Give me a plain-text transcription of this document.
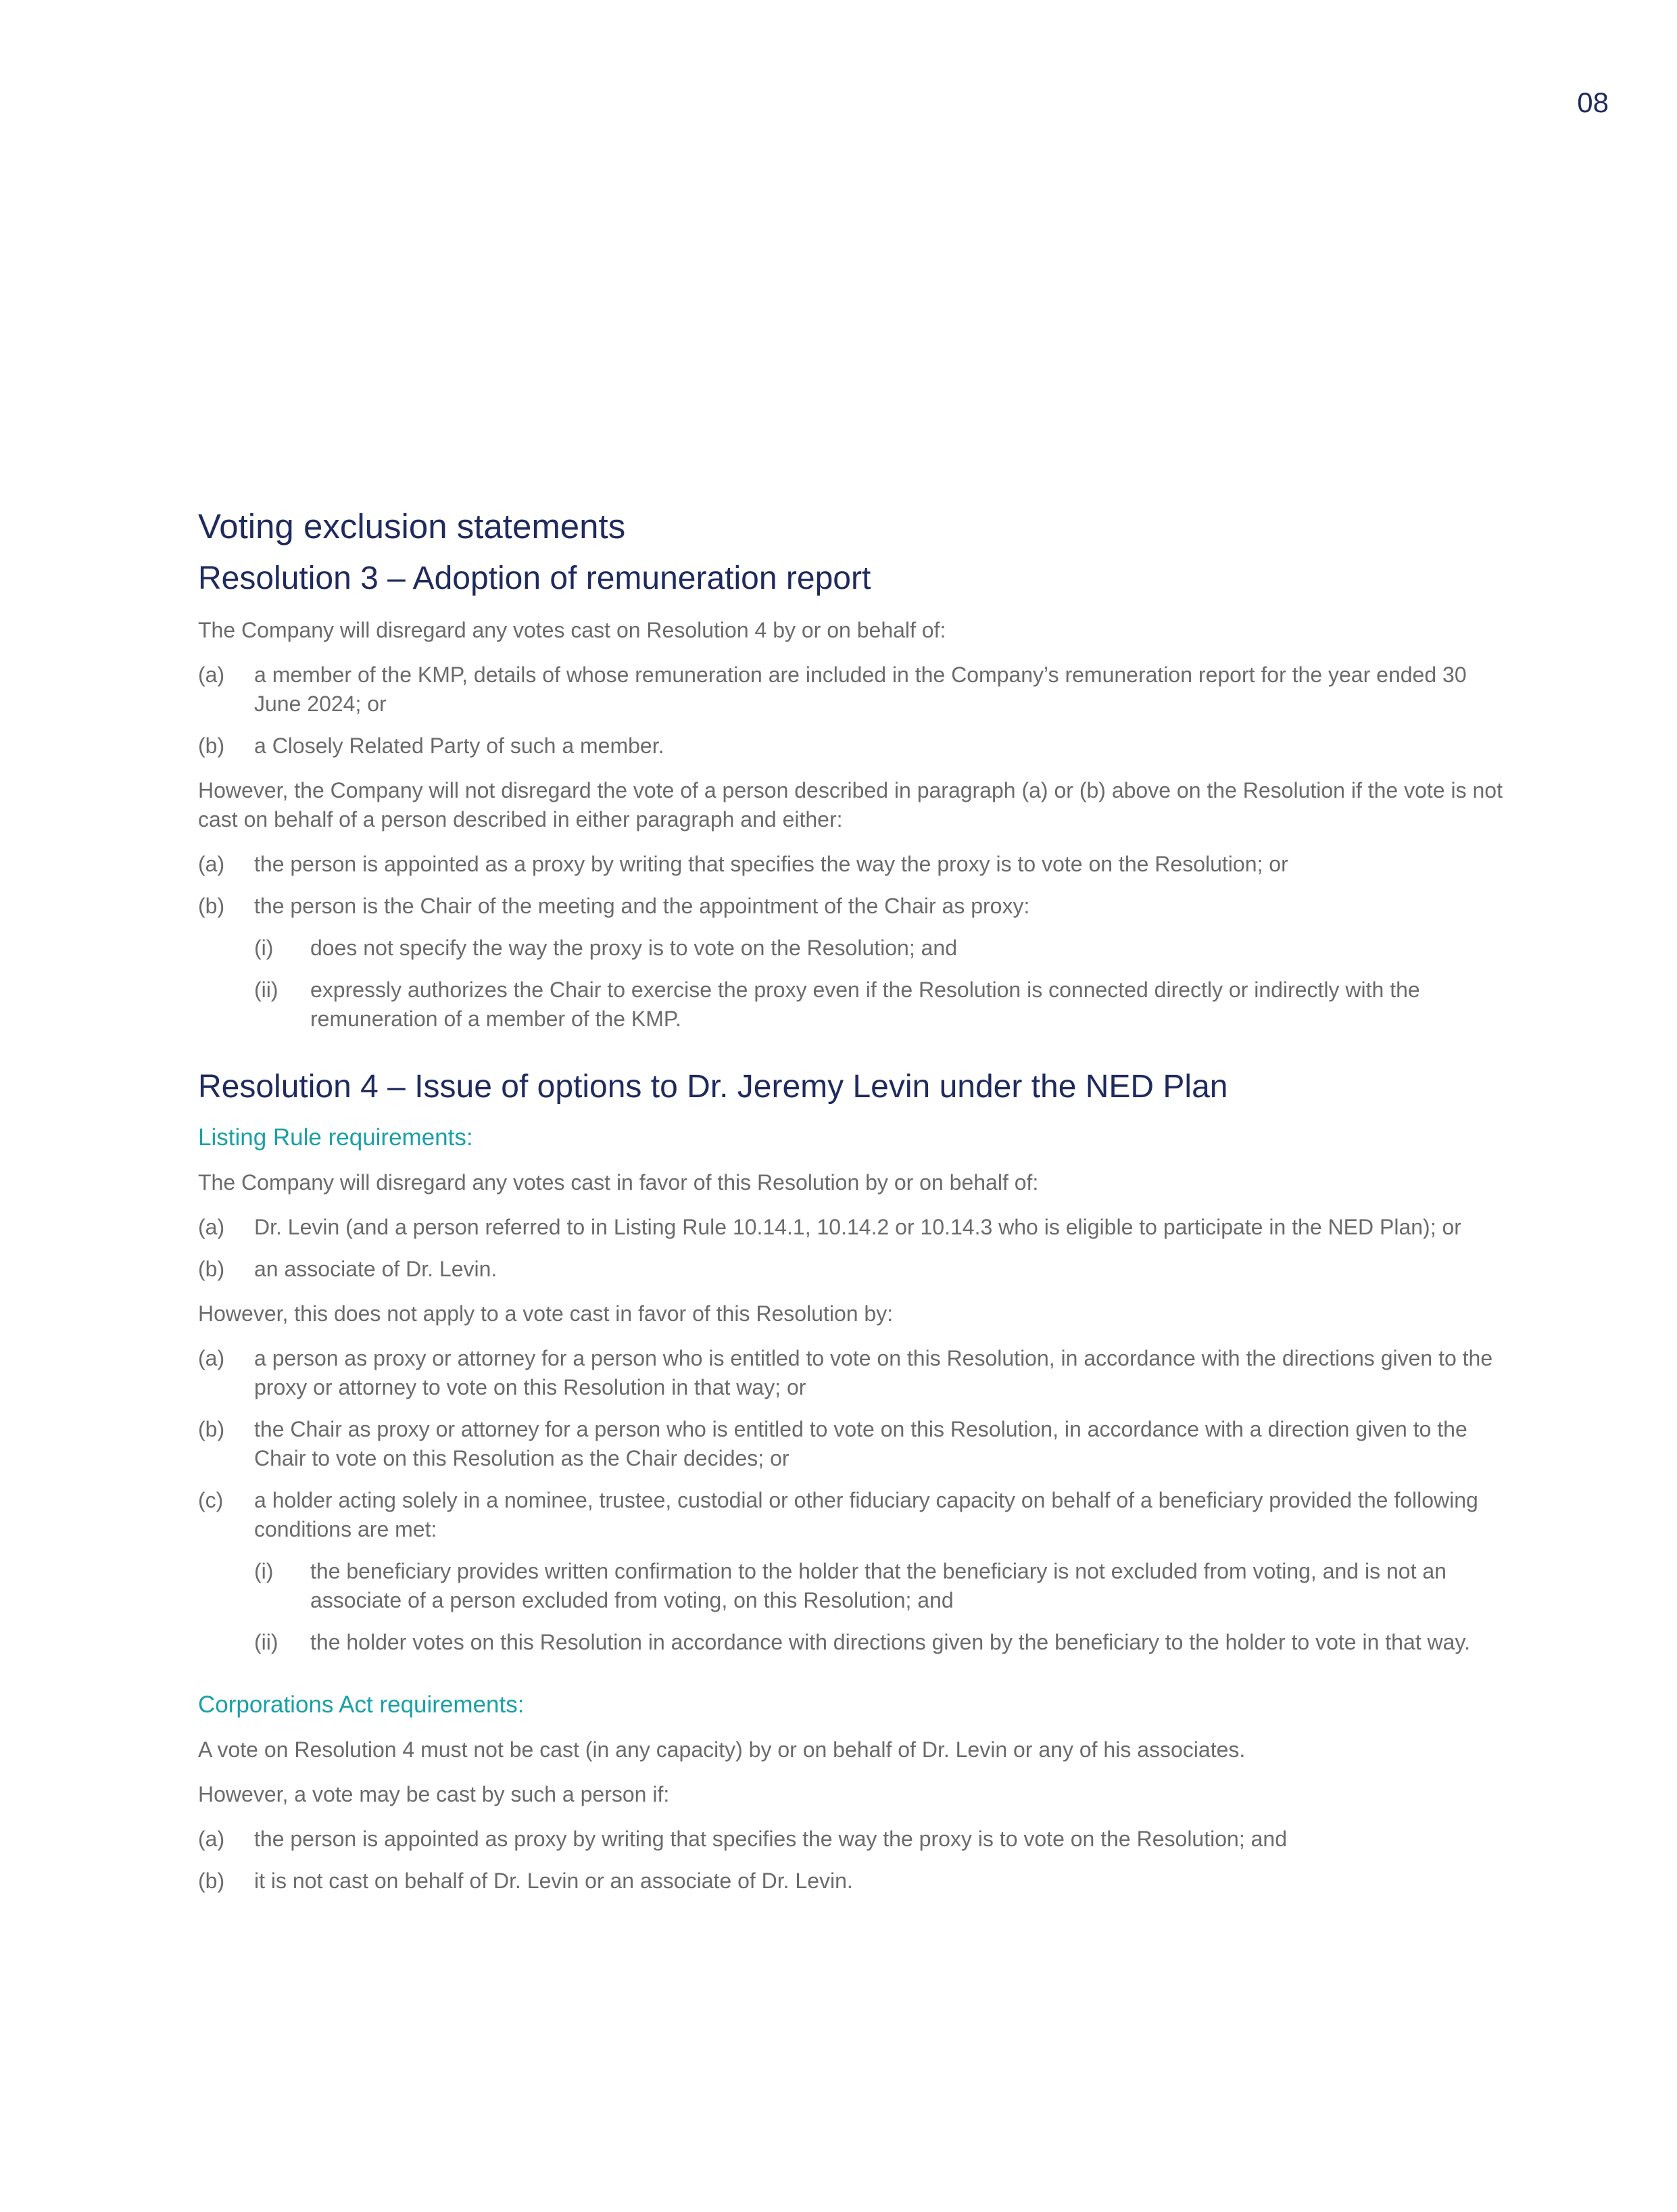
08
Voting exclusion statements
Resolution 3 – Adoption of remuneration report
The Company will disregard any votes cast on Resolution 4 by or on behalf of:
(a)	a member of the KMP, details of whose remuneration are included in the Company’s remuneration report for the year ended 30 June 2024; or
(b)	a Closely Related Party of such a member.
However, the Company will not disregard the vote of a person described in paragraph (a) or (b) above on the Resolution if the vote is not cast on behalf of a person described in either paragraph and either:
(a)	the person is appointed as a proxy by writing that specifies the way the proxy is to vote on the Resolution; or
(b)	the person is the Chair of the meeting and the appointment of the Chair as proxy:
(i)	does not specify the way the proxy is to vote on the Resolution; and
(ii)	expressly authorizes the Chair to exercise the proxy even if the Resolution is connected directly or indirectly with the remuneration of a member of the KMP.
Resolution 4 – Issue of options to Dr. Jeremy Levin under the NED Plan
Listing Rule requirements:
The Company will disregard any votes cast in favor of this Resolution by or on behalf of:
(a)	Dr. Levin (and a person referred to in Listing Rule 10.14.1, 10.14.2 or 10.14.3 who is eligible to participate in the NED Plan); or
(b)	an associate of Dr. Levin.
However, this does not apply to a vote cast in favor of this Resolution by:
(a)	a person as proxy or attorney for a person who is entitled to vote on this Resolution, in accordance with the directions given to the proxy or attorney to vote on this Resolution in that way; or
(b)	the Chair as proxy or attorney for a person who is entitled to vote on this Resolution, in accordance with a direction given to the Chair to vote on this Resolution as the Chair decides; or
(c)	a holder acting solely in a nominee, trustee, custodial or other fiduciary capacity on behalf of a beneficiary provided the following conditions are met:
(i)	the beneficiary provides written confirmation to the holder that the beneficiary is not excluded from voting, and is not an associate of a person excluded from voting, on this Resolution; and
(ii)	the holder votes on this Resolution in accordance with directions given by the beneficiary to the holder to vote in that way.
Corporations Act requirements:
A vote on Resolution 4 must not be cast (in any capacity) by or on behalf of Dr. Levin or any of his associates.
However, a vote may be cast by such a person if:
(a)	the person is appointed as proxy by writing that specifies the way the proxy is to vote on the Resolution; and
(b)	it is not cast on behalf of Dr. Levin or an associate of Dr. Levin.
